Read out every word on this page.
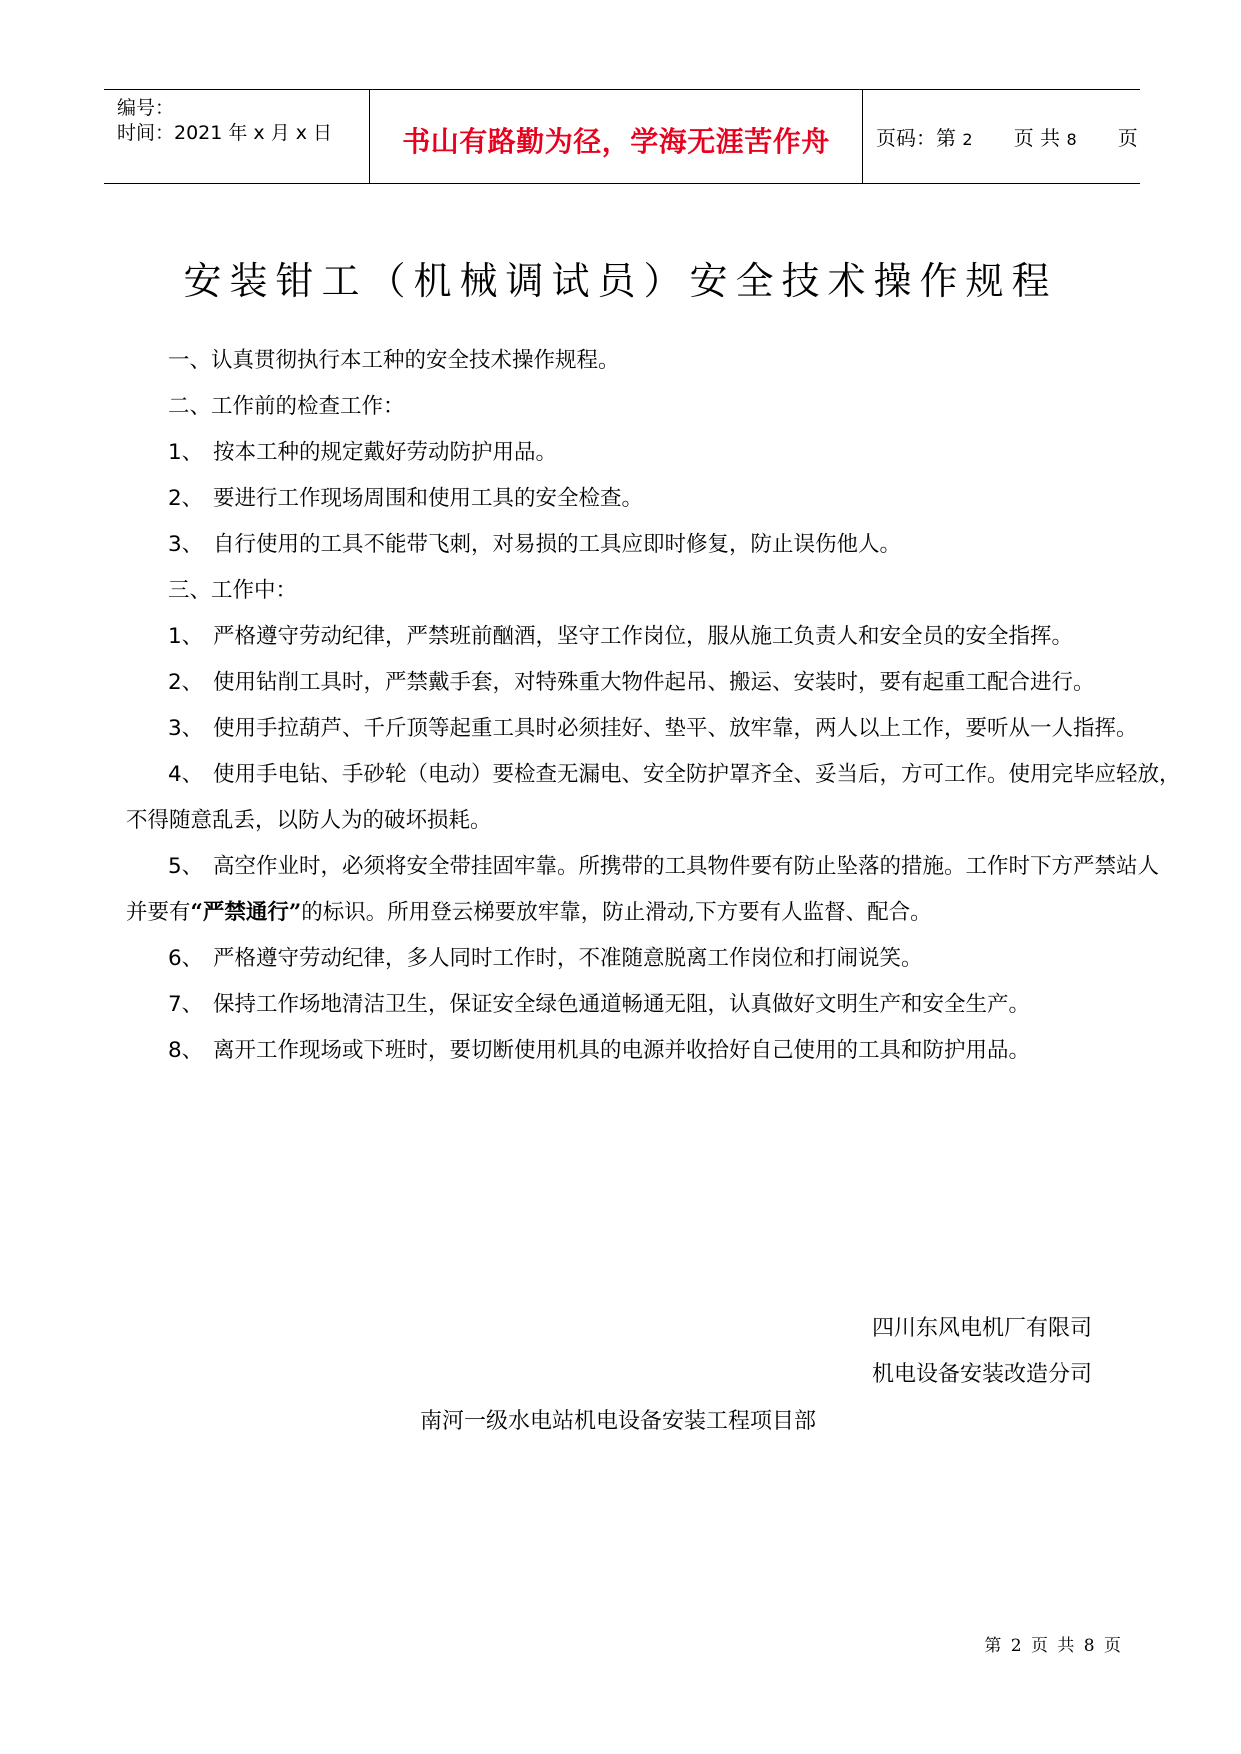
编号：
时间：2021 年 x 月 x 日	书山有路勤为径，学海无涯苦作舟	页码：第 2 页 共 8 页
安装钳工（机械调试员）安全技术操作规程
一、认真贯彻执行本工种的安全技术操作规程。
二、工作前的检查工作：
1、 按本工种的规定戴好劳动防护用品。
2、 要进行工作现场周围和使用工具的安全检查。
3、 自行使用的工具不能带飞刺，对易损的工具应即时修复，防止误伤他人。
三、工作中：
1、 严格遵守劳动纪律，严禁班前酗酒，坚守工作岗位，服从施工负责人和安全员的安全指挥。
2、 使用钻削工具时，严禁戴手套，对特殊重大物件起吊、搬运、安装时，要有起重工配合进行。
3、 使用手拉葫芦、千斤顶等起重工具时必须挂好、垫平、放牢靠，两人以上工作，要听从一人指挥。
4、 使用手电钻、手砂轮（电动）要检查无漏电、安全防护罩齐全、妥当后，方可工作。使用完毕应轻放，
不得随意乱丢，以防人为的破坏损耗。
5、 高空作业时，必须将安全带挂固牢靠。所携带的工具物件要有防止坠落的措施。工作时下方严禁站人
并要有“严禁通行”的标识。所用登云梯要放牢靠，防止滑动,下方要有人监督、配合。
6、 严格遵守劳动纪律，多人同时工作时，不准随意脱离工作岗位和打闹说笑。
7、 保持工作场地清洁卫生，保证安全绿色通道畅通无阻，认真做好文明生产和安全生产。
8、 离开工作现场或下班时，要切断使用机具的电源并收拾好自己使用的工具和防护用品。
四川东风电机厂有限司
机电设备安装改造分司
南河一级水电站机电设备安装工程项目部
第 2 页 共 8 页
